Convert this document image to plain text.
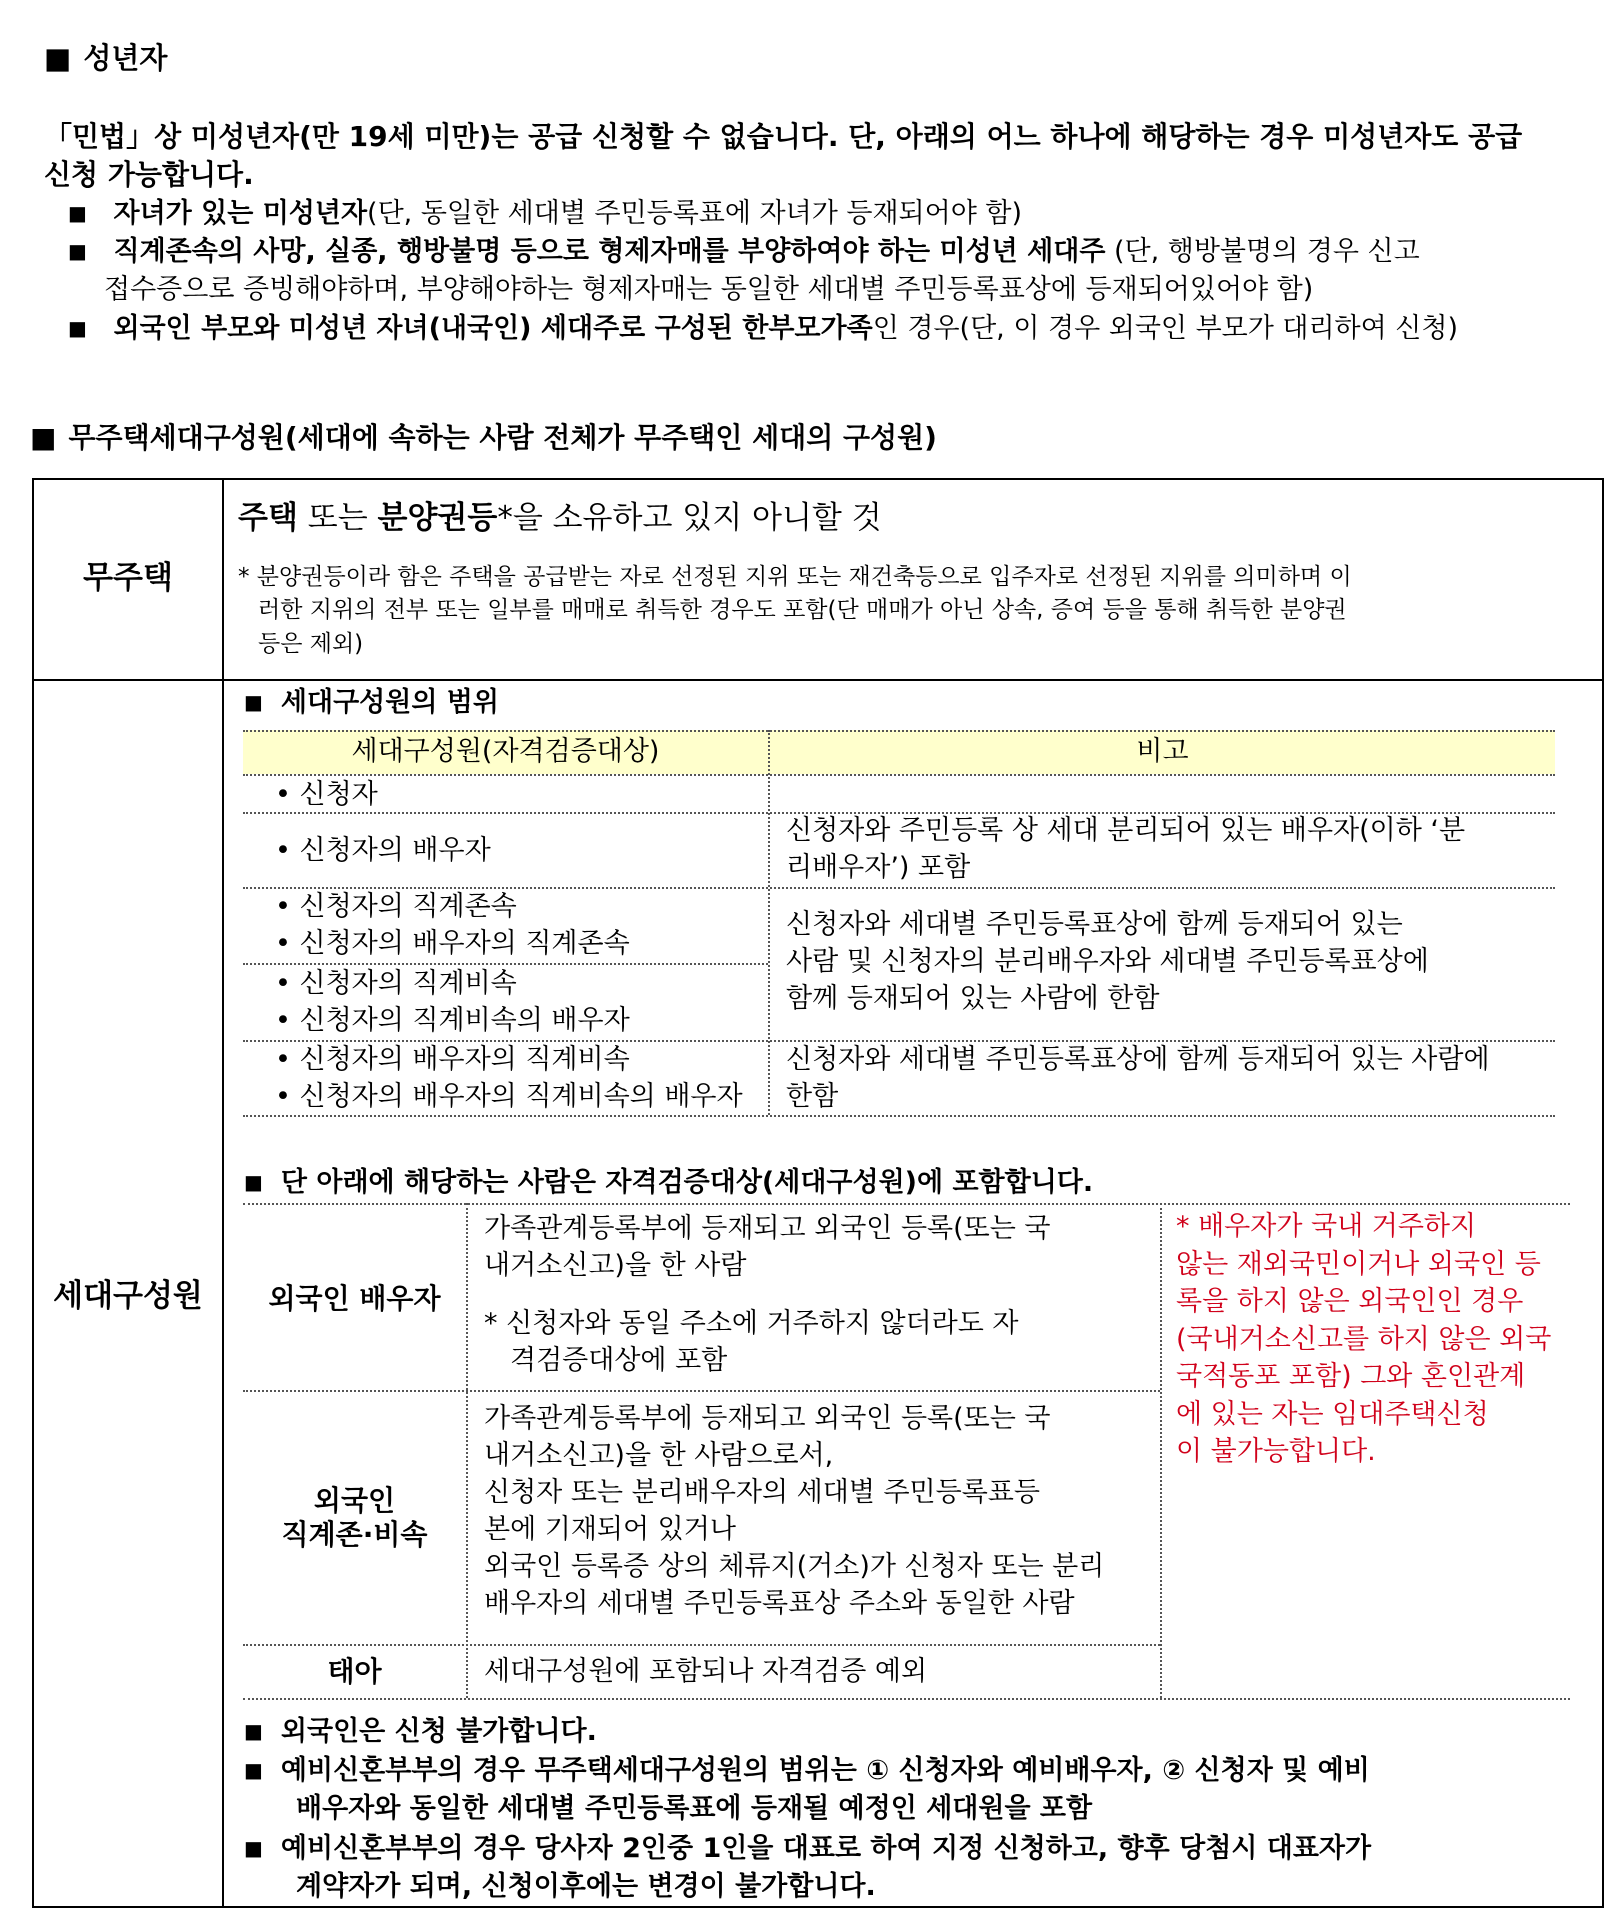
■ 성년자
「민법」상 미성년자(만 19세 미만)는 공급 신청할 수 없습니다. 단, 아래의 어느 하나에 해당하는 경우 미성년자도 공급
신청 가능합니다.
■ 자녀가 있는 미성년자(단, 동일한 세대별 주민등록표에 자녀가 등재되어야 함)
■ 직계존속의 사망, 실종, 행방불명 등으로 형제자매를 부양하여야 하는 미성년 세대주 (단, 행방불명의 경우 신고
접수증으로 증빙해야하며, 부양해야하는 형제자매는 동일한 세대별 주민등록표상에 등재되어있어야 함)
■ 외국인 부모와 미성년 자녀(내국인) 세대주로 구성된 한부모가족인 경우(단, 이 경우 외국인 부모가 대리하여 신청)
■ 무주택세대구성원(세대에 속하는 사람 전체가 무주택인 세대의 구성원)
무주택
주택 또는 분양권등*을 소유하고 있지 아니할 것
* 분양권등이라 함은 주택을 공급받는 자로 선정된 지위 또는 재건축등으로 입주자로 선정된 지위를 의미하며 이
러한 지위의 전부 또는 일부를 매매로 취득한 경우도 포함(단 매매가 아닌 상속, 증여 등을 통해 취득한 분양권
등은 제외)
세대구성원
■ 세대구성원의 범위
세대구성원(자격검증대상)	비고
• 신청자
• 신청자의 배우자
신청자와 주민등록 상 세대 분리되어 있는 배우자(이하 ‘분
리배우자’) 포함
• 신청자의 직계존속
• 신청자의 배우자의 직계존속
• 신청자의 직계비속
• 신청자의 직계비속의 배우자
신청자와 세대별 주민등록표상에 함께 등재되어 있는
사람 및 신청자의 분리배우자와 세대별 주민등록표상에
함께 등재되어 있는 사람에 한함
• 신청자의 배우자의 직계비속
• 신청자의 배우자의 직계비속의 배우자
신청자와 세대별 주민등록표상에 함께 등재되어 있는 사람에
한함
■ 단 아래에 해당하는 사람은 자격검증대상(세대구성원)에 포함합니다.
외국인 배우자
가족관계등록부에 등재되고 외국인 등록(또는 국
내거소신고)을 한 사람
* 신청자와 동일 주소에 거주하지 않더라도 자
격검증대상에 포함
외국인
직계존·비속
가족관계등록부에 등재되고 외국인 등록(또는 국
내거소신고)을 한 사람으로서,
신청자 또는 분리배우자의 세대별 주민등록표등
본에 기재되어 있거나
외국인 등록증 상의 체류지(거소)가 신청자 또는 분리
배우자의 세대별 주민등록표상 주소와 동일한 사람
태아	세대구성원에 포함되나 자격검증 예외
* 배우자가 국내 거주하지
않는 재외국민이거나 외국인 등
록을 하지 않은 외국인인 경우
(국내거소신고를 하지 않은 외국
국적동포 포함) 그와 혼인관계
에 있는 자는 임대주택신청
이 불가능합니다.
■ 외국인은 신청 불가합니다.
■ 예비신혼부부의 경우 무주택세대구성원의 범위는 ① 신청자와 예비배우자, ② 신청자 및 예비
배우자와 동일한 세대별 주민등록표에 등재될 예정인 세대원을 포함
■ 예비신혼부부의 경우 당사자 2인중 1인을 대표로 하여 지정 신청하고, 향후 당첨시 대표자가
계약자가 되며, 신청이후에는 변경이 불가합니다.
